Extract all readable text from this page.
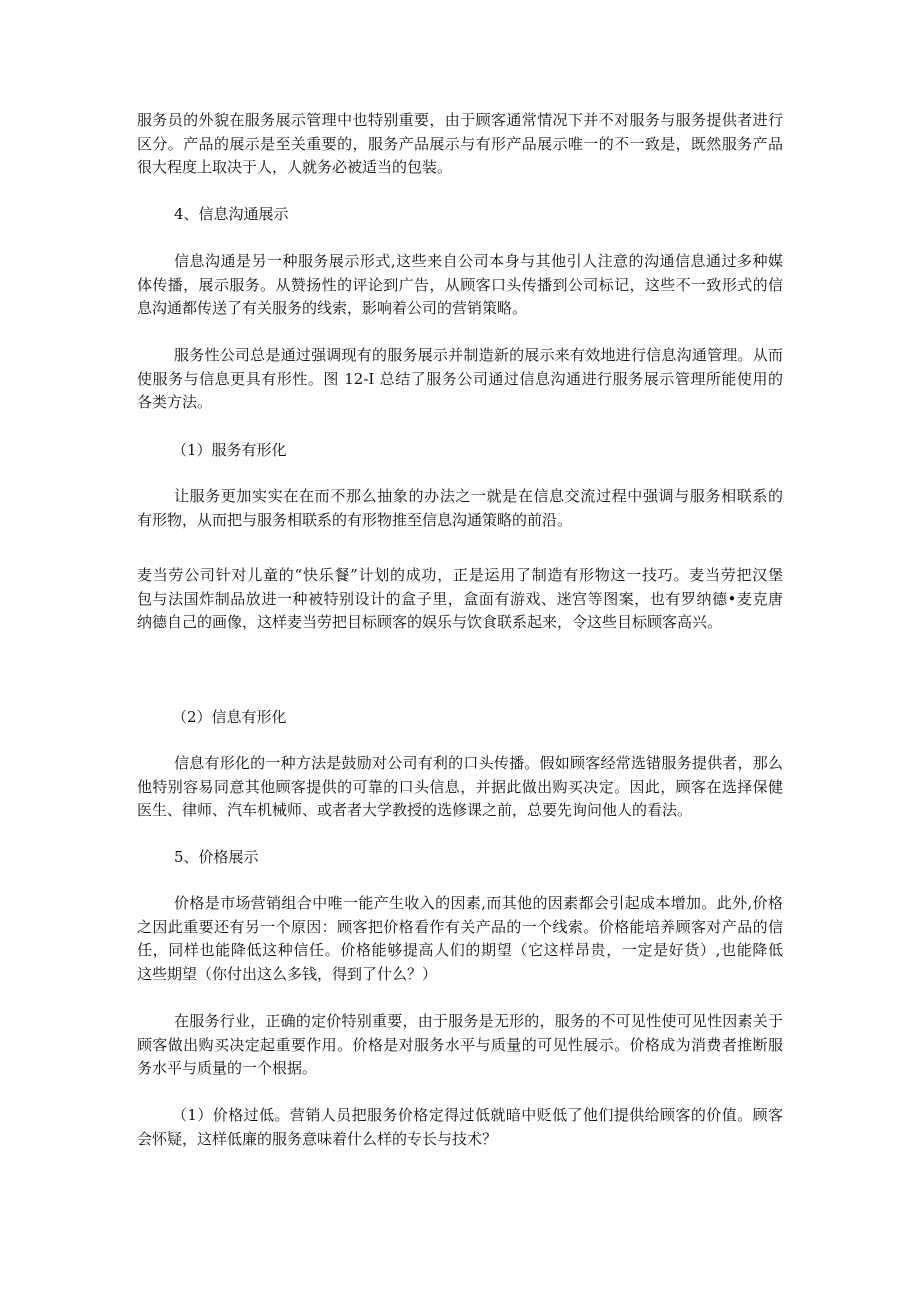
服务员的外貌在服务展示管理中也特别重要，由于顾客通常情况下并不对服务与服务提供者进行
区分。产品的展示是至关重要的，服务产品展示与有形产品展示唯一的不一致是，既然服务产品
很大程度上取决于人，人就务必被适当的包装。
4、信息沟通展示
信息沟通是另一种服务展示形式,这些来自公司本身与其他引人注意的沟通信息通过多种媒
体传播，展示服务。从赞扬性的评论到广告，从顾客口头传播到公司标记，这些不一致形式的信
息沟通都传送了有关服务的线索，影响着公司的营销策略。
服务性公司总是通过强调现有的服务展示并制造新的展示来有效地进行信息沟通管理。从而
使服务与信息更具有形性。图 12-I 总结了服务公司通过信息沟通进行服务展示管理所能使用的
各类方法。
（1）服务有形化
让服务更加实实在在而不那么抽象的办法之一就是在信息交流过程中强调与服务相联系的
有形物，从而把与服务相联系的有形物推至信息沟通策略的前沿。
麦当劳公司针对儿童的“快乐餐”计划的成功，正是运用了制造有形物这一技巧。麦当劳把汉堡
包与法国炸制品放进一种被特别设计的盒子里，盒面有游戏、迷宫等图案，也有罗纳德•麦克唐
纳德自己的画像，这样麦当劳把目标顾客的娱乐与饮食联系起来，令这些目标顾客高兴。
（2）信息有形化
信息有形化的一种方法是鼓励对公司有利的口头传播。假如顾客经常选错服务提供者，那么
他特别容易同意其他顾客提供的可靠的口头信息，并据此做出购买决定。因此，顾客在选择保健
医生、律师、汽车机械师、或者者大学教授的选修课之前，总要先询问他人的看法。
5、价格展示
价格是市场营销组合中唯一能产生收入的因素,而其他的因素都会引起成本增加。此外,价格
之因此重要还有另一个原因：顾客把价格看作有关产品的一个线索。价格能培养顾客对产品的信
任，同样也能降低这种信任。价格能够提高人们的期望（它这样昂贵，一定是好货）,也能降低
这些期望（你付出这么多钱，得到了什么？）
在服务行业，正确的定价特别重要，由于服务是无形的，服务的不可见性使可见性因素关于
顾客做出购买决定起重要作用。价格是对服务水平与质量的可见性展示。价格成为消费者推断服
务水平与质量的一个根据。
（1）价格过低。营销人员把服务价格定得过低就暗中贬低了他们提供给顾客的价值。顾客
会怀疑，这样低廉的服务意味着什么样的专长与技术？
